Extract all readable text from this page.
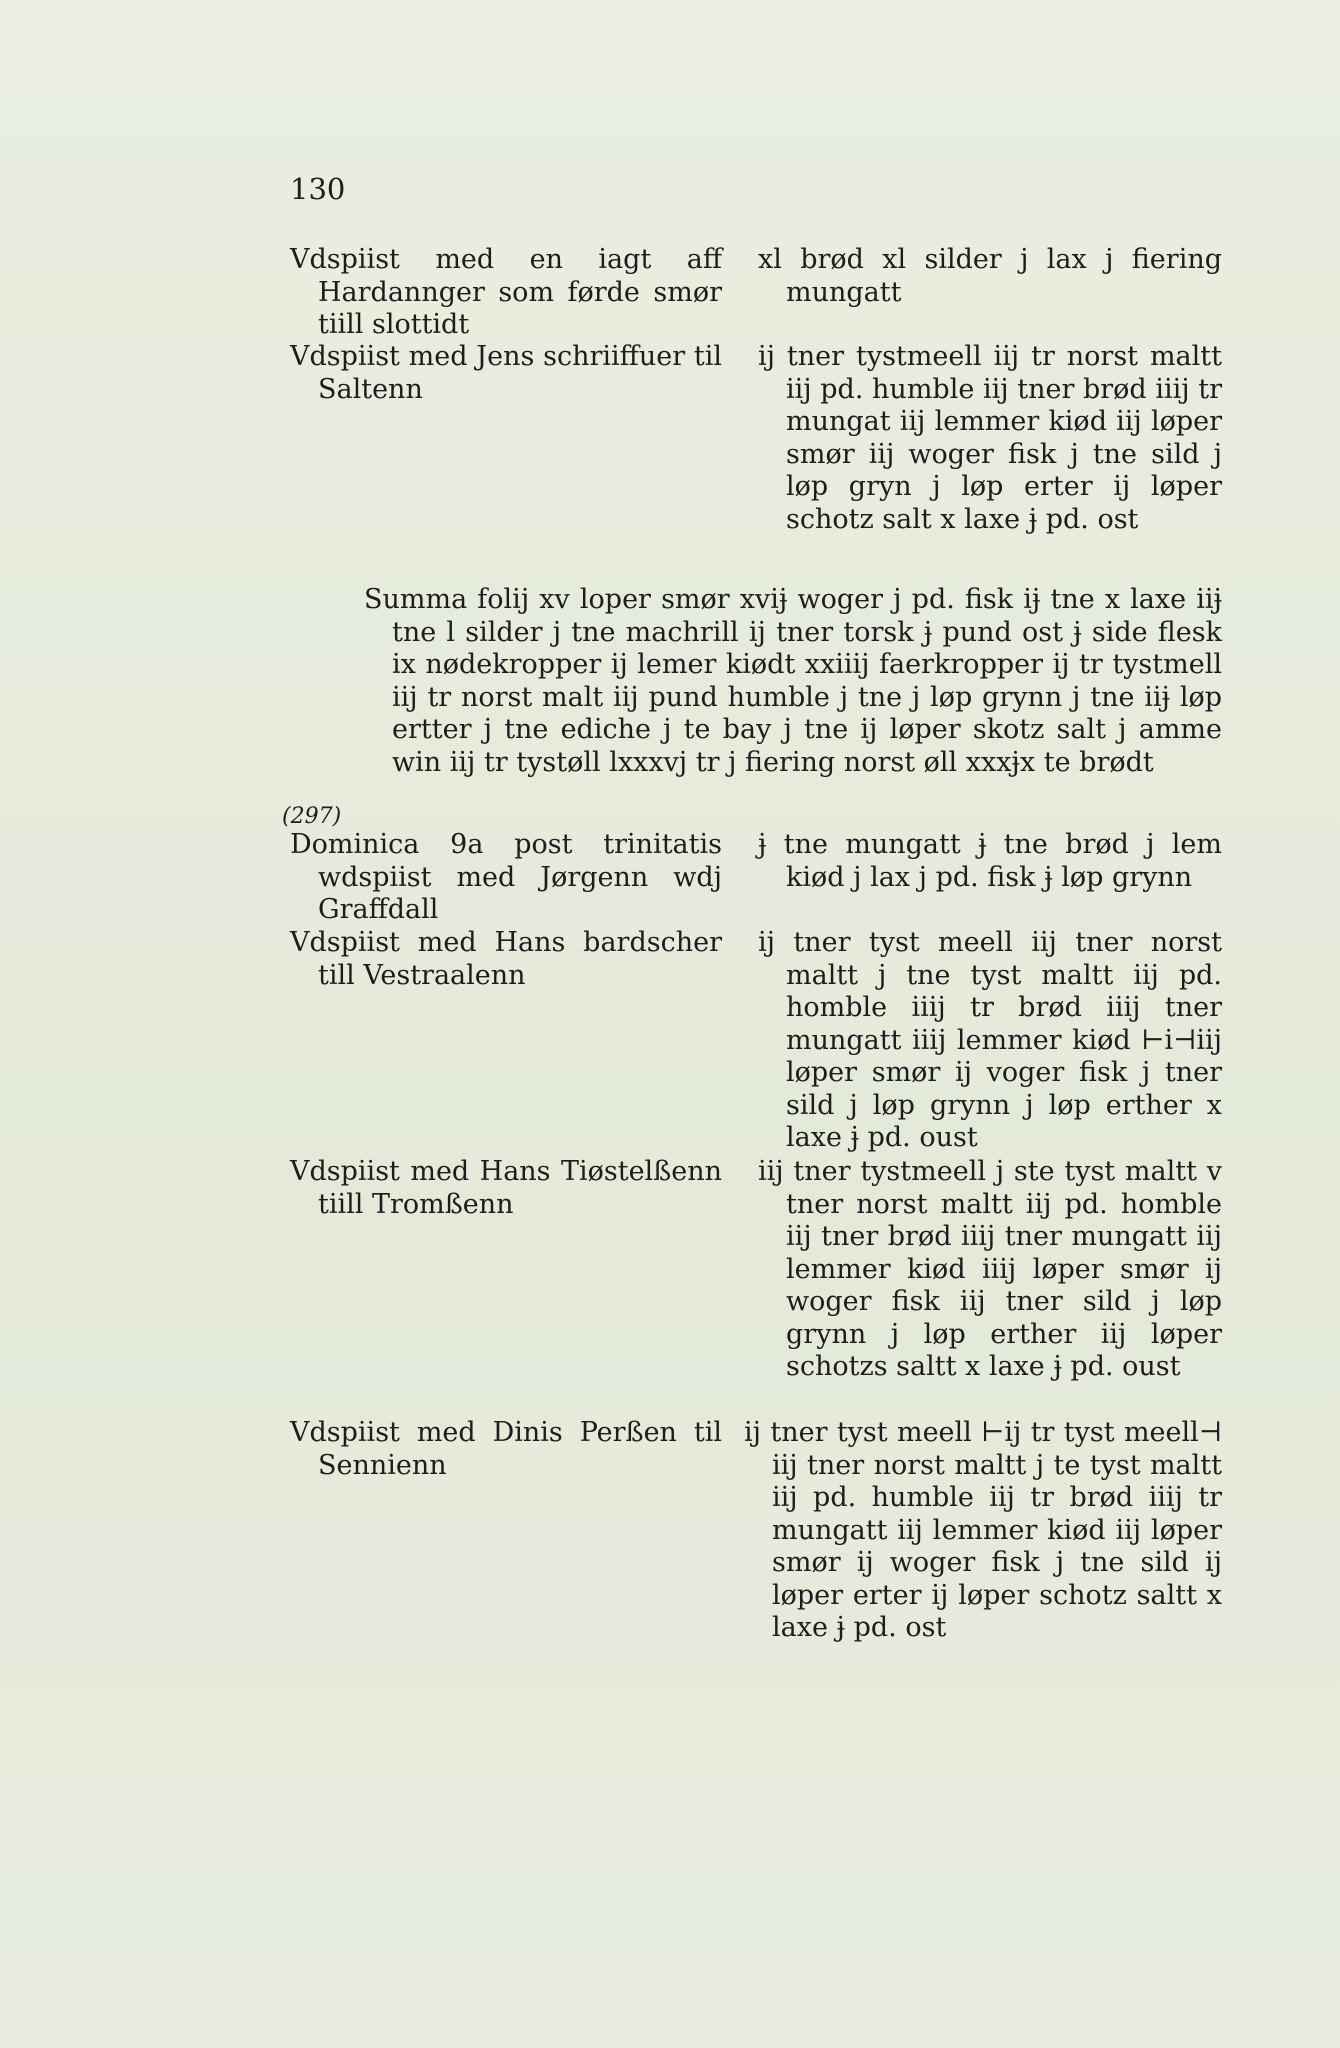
130
Vdspiist med en iagt aff Hardannger som førde smør tiill slottidt
xl brød xl silder j lax j fiering mungatt
Vdspiist med Jens schriiffuer til Saltenn
ij tner tystmeell iij tr norst maltt iij pd. humble iij tner brød iiij tr mungat iij lemmer kiød iij løper smør iij woger fisk j tne sild j løp gryn j løp erter ij løper schotz salt x laxe ɉ pd. ost
Summa folij xv loper smør xviɉ woger j pd. fisk iɉ tne x laxe iiɉ tne l silder j tne machrill ij tner torsk ɉ pund ost ɉ side flesk ix nødekropper ij lemer kiødt xxiiij faerkropper ij tr tystmell iij tr norst malt iij pund humble j tne j løp grynn j tne iiɉ løp ertter j tne ediche j te bay j tne ij løper skotz salt j amme win iij tr tystøll lxxxvj tr j fiering norst øll xxxɉx te brødt
(297)
Dominica 9a post trinitatis wdspiist med Jørgenn wdj Graffdall
ɉ tne mungatt ɉ tne brød j lem kiød j lax j pd. fisk ɉ løp grynn
Vdspiist med Hans bardscher till Vestraalenn
ij tner tyst meell iij tner norst maltt j tne tyst maltt iij pd. homble iiij tr brød iiij tner mungatt iiij lemmer kiød ⊢i⊣iij løper smør ij voger fisk j tner sild j løp grynn j løp erther x laxe ɉ pd. oust
Vdspiist med Hans Tiøstelßenn tiill Tromßenn
iij tner tystmeell j ste tyst maltt v tner norst maltt iij pd. homble iij tner brød iiij tner mungatt iij lemmer kiød iiij løper smør ij woger fisk iij tner sild j løp grynn j løp erther iij løper schotzs saltt x laxe ɉ pd. oust
Vdspiist med Dinis Perßen til Sennienn
ij tner tyst meell ⊢ij tr tyst meell⊣ iij tner norst maltt j te tyst maltt iij pd. humble iij tr brød iiij tr mungatt iij lemmer kiød iij løper smør ij woger fisk j tne sild ij løper erter ij løper schotz saltt x laxe ɉ pd. ost
